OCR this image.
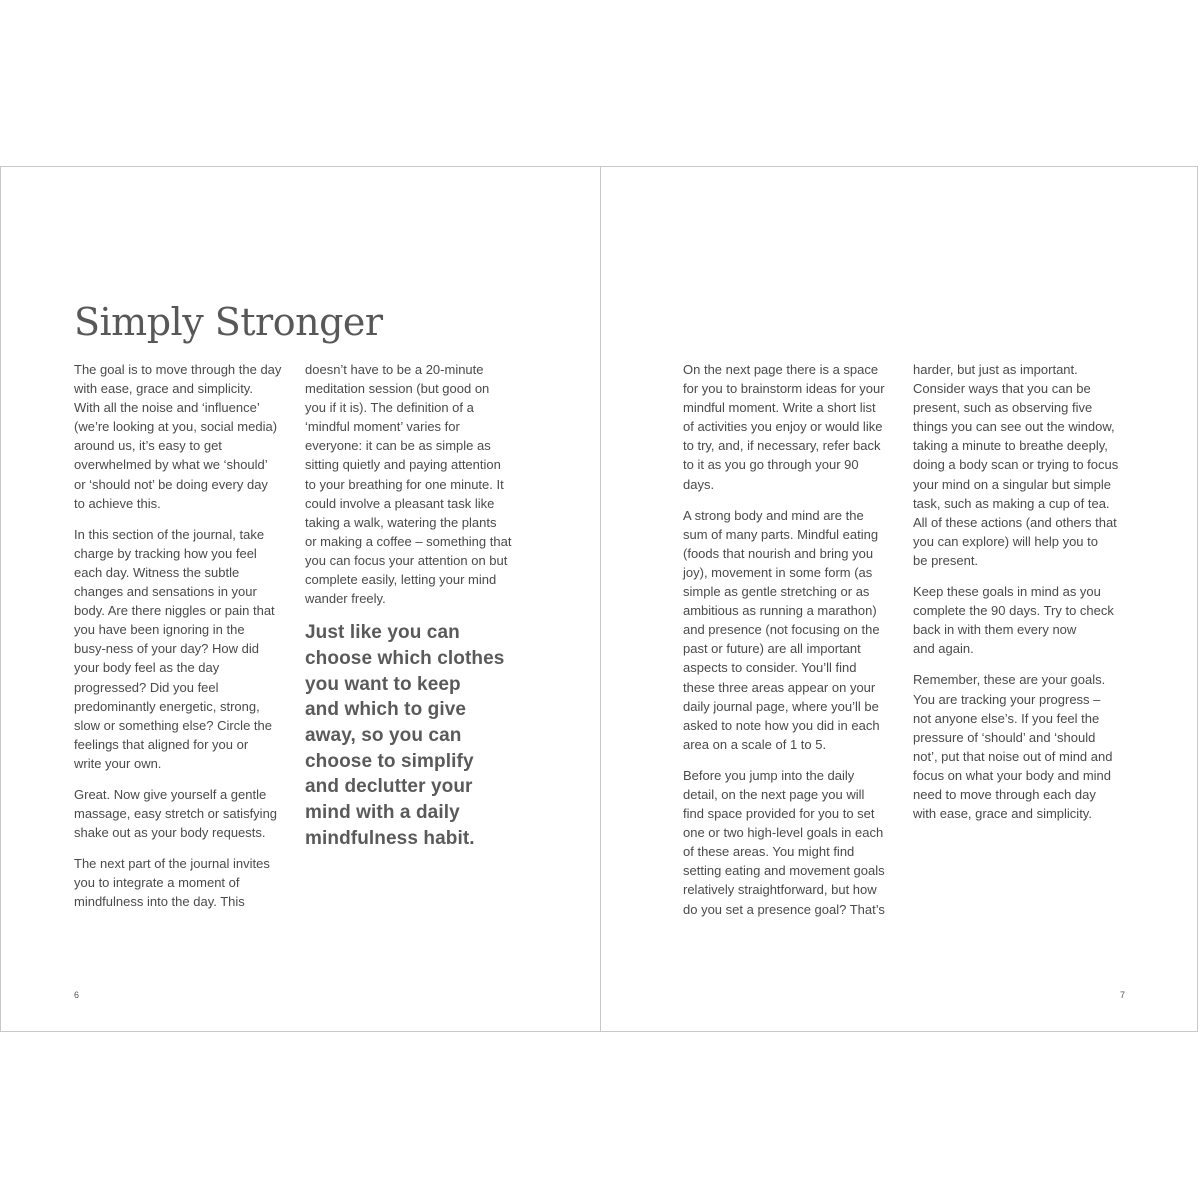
Simply Stronger

The goal is to move through the day
with ease, grace and simplicity.
With all the noise and ‘influence’
(we’re looking at you, social media)
around us, it’s easy to get
overwhelmed by what we ‘should’
or ‘should not’ be doing every day
to achieve this.

In this section of the journal, take
charge by tracking how you feel
each day. Witness the subtle
changes and sensations in your
body. Are there niggles or pain that
you have been ignoring in the
busy-ness of your day? How did
your body feel as the day
progressed? Did you feel
predominantly energetic, strong,
slow or something else? Circle the
feelings that aligned for you or
write your own.

Great. Now give yourself a gentle
massage, easy stretch or satisfying
shake out as your body requests.

The next part of the journal invites
you to integrate a moment of
mindfulness into the day. This

doesn’t have to be a 20-minute
meditation session (but good on
you if it is). The definition of a
‘mindful moment’ varies for
everyone: it can be as simple as
sitting quietly and paying attention
to your breathing for one minute. It
could involve a pleasant task like
taking a walk, watering the plants
or making a coffee – something that
you can focus your attention on but
complete easily, letting your mind
wander freely.

Just like you can
choose which clothes
you want to keep
and which to give
away, so you can
choose to simplify
and declutter your
mind with a daily
mindfulness habit.

On the next page there is a space
for you to brainstorm ideas for your
mindful moment. Write a short list
of activities you enjoy or would like
to try, and, if necessary, refer back
to it as you go through your 90
days.

A strong body and mind are the
sum of many parts. Mindful eating
(foods that nourish and bring you
joy), movement in some form (as
simple as gentle stretching or as
ambitious as running a marathon)
and presence (not focusing on the
past or future) are all important
aspects to consider. You’ll find
these three areas appear on your
daily journal page, where you’ll be
asked to note how you did in each
area on a scale of 1 to 5.

Before you jump into the daily
detail, on the next page you will
find space provided for you to set
one or two high-level goals in each
of these areas. You might find
setting eating and movement goals
relatively straightforward, but how
do you set a presence goal? That’s

harder, but just as important.
Consider ways that you can be
present, such as observing five
things you can see out the window,
taking a minute to breathe deeply,
doing a body scan or trying to focus
your mind on a singular but simple
task, such as making a cup of tea.
All of these actions (and others that
you can explore) will help you to
be present.

Keep these goals in mind as you
complete the 90 days. Try to check
back in with them every now
and again.

Remember, these are your goals.
You are tracking your progress –
not anyone else’s. If you feel the
pressure of ‘should’ and ‘should
not’, put that noise out of mind and
focus on what your body and mind
need to move through each day
with ease, grace and simplicity.

6	7
